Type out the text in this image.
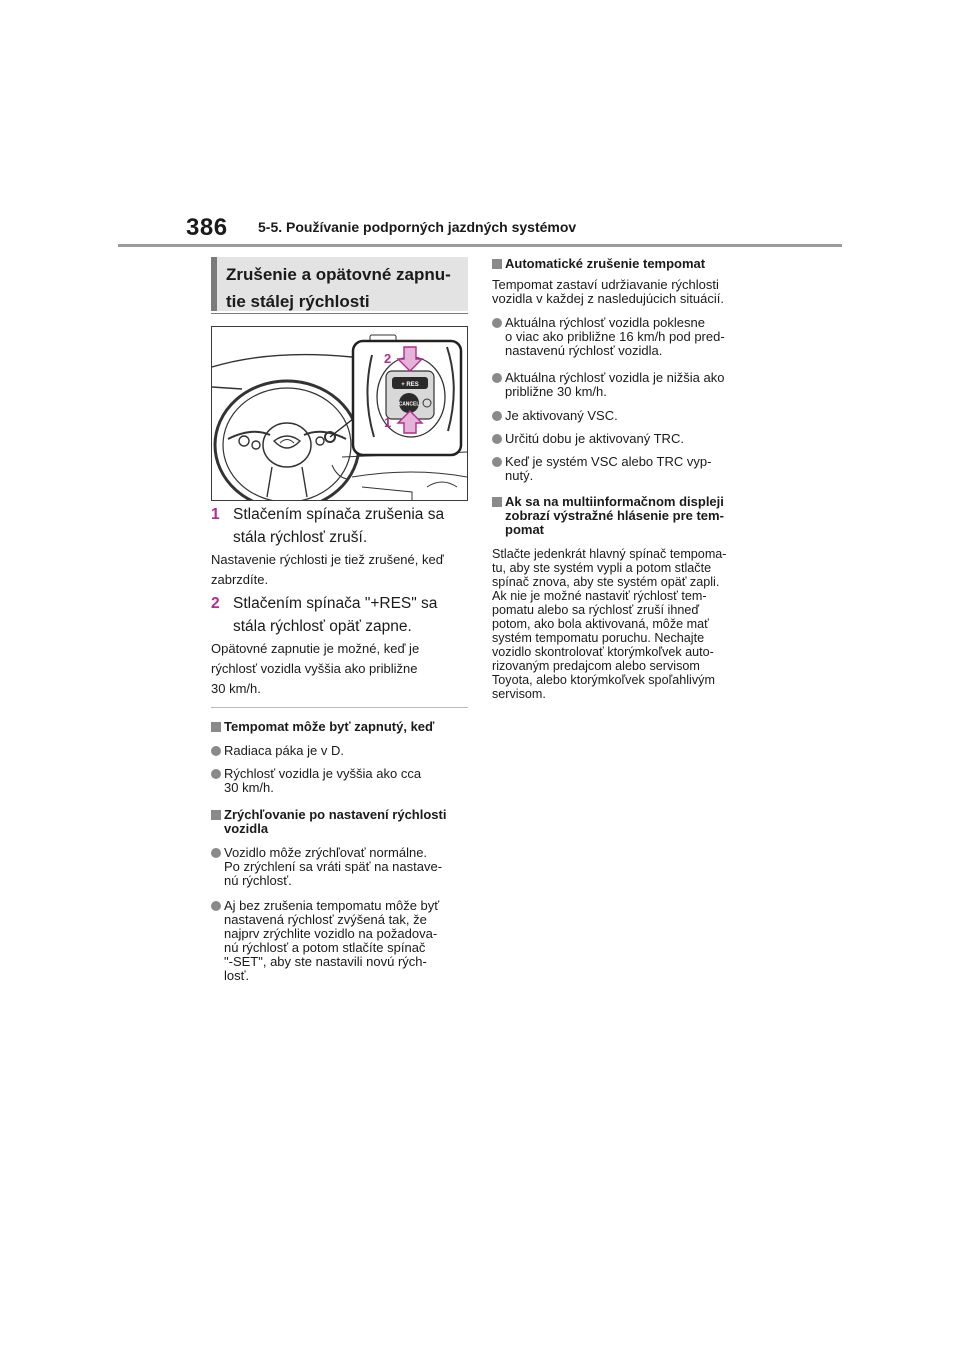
386 5-5. Používanie podporných jazdných systémov
Zrušenie a opätovné zapnu-
tie stálej rýchlosti
+ RES
CANCEL
2
1
1 Stlačením spínača zrušenia sa
stála rýchlosť zruší.
Nastavenie rýchlosti je tiež zrušené, keď
zabrzdíte.
2 Stlačením spínača "+RES" sa
stála rýchlosť opäť zapne.
Opätovné zapnutie je možné, keď je
rýchlosť vozidla vyššia ako približne
30 km/h.
Tempomat môže byť zapnutý, keď
Radiaca páka je v D.
Rýchlosť vozidla je vyššia ako cca
30 km/h.
Zrýchľovanie po nastavení rýchlosti
vozidla
Vozidlo môže zrýchľovať normálne.
Po zrýchlení sa vráti späť na nastave-
nú rýchlosť.
Aj bez zrušenia tempomatu môže byť
nastavená rýchlosť zvýšená tak, že
najprv zrýchlite vozidlo na požadova-
nú rýchlosť a potom stlačíte spínač
"-SET", aby ste nastavili novú rých-
losť.
Automatické zrušenie tempomat
Tempomat zastaví udržiavanie rýchlosti
vozidla v každej z nasledujúcich situácií.
Aktuálna rýchlosť vozidla poklesne
o viac ako približne 16 km/h pod pred-
nastavenú rýchlosť vozidla.
Aktuálna rýchlosť vozidla je nižšia ako
približne 30 km/h.
Je aktivovaný VSC.
Určitú dobu je aktivovaný TRC.
Keď je systém VSC alebo TRC vyp-
nutý.
Ak sa na multiinformačnom displeji
zobrazí výstražné hlásenie pre tem-
pomat
Stlačte jedenkrát hlavný spínač tempoma-
tu, aby ste systém vypli a potom stlačte
spínač znova, aby ste systém opäť zapli.
Ak nie je možné nastaviť rýchlosť tem-
pomatu alebo sa rýchlosť zruší ihneď
potom, ako bola aktivovaná, môže mať
systém tempomatu poruchu. Nechajte
vozidlo skontrolovať ktorýmkoľvek auto-
rizovaným predajcom alebo servisom
Toyota, alebo ktorýmkoľvek spoľahlivým
servisom.
